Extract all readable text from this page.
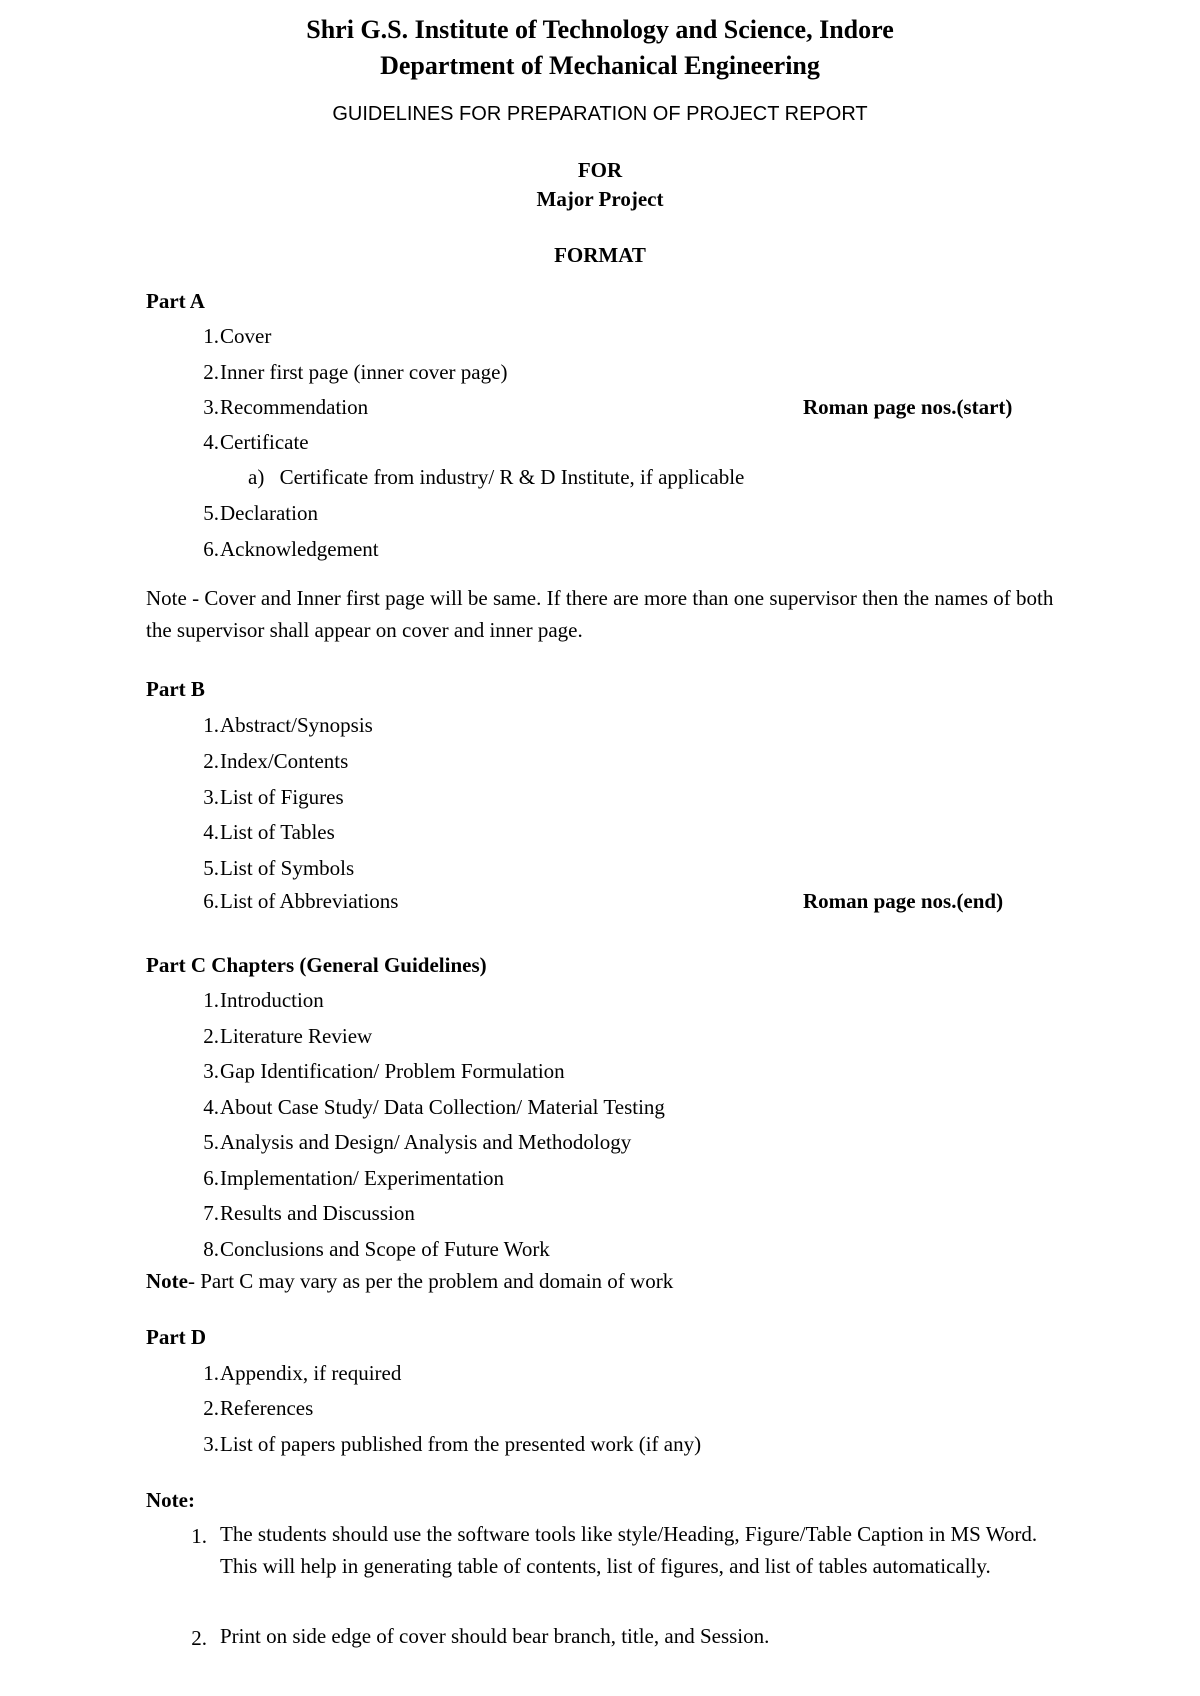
Shri G.S. Institute of Technology and Science, Indore
Department of Mechanical Engineering
GUIDELINES FOR PREPARATION OF PROJECT REPORT
FOR
Major Project
FORMAT
Part A
1. Cover
2. Inner first page (inner cover page)
3. Recommendation	Roman page nos.(start)
4. Certificate
a) Certificate from industry/ R & D Institute, if applicable
5. Declaration
6. Acknowledgement
Note - Cover and Inner first page will be same. If there are more than one supervisor then the names of both the supervisor shall appear on cover and inner page.
Part B
1. Abstract/Synopsis
2. Index/Contents
3. List of Figures
4. List of Tables
5. List of Symbols
6. List of Abbreviations	Roman page nos.(end)
Part C Chapters (General Guidelines)
1. Introduction
2. Literature Review
3. Gap Identification/ Problem Formulation
4. About Case Study/ Data Collection/ Material Testing
5. Analysis and Design/ Analysis and Methodology
6. Implementation/ Experimentation
7. Results and Discussion
8. Conclusions and Scope of Future Work
Note- Part C may vary as per the problem and domain of work
Part D
1. Appendix, if required
2. References
3. List of papers published from the presented work (if any)
Note:
1. The students should use the software tools like style/Heading, Figure/Table Caption in MS Word. This will help in generating table of contents, list of figures, and list of tables automatically.
2. Print on side edge of cover should bear branch, title, and Session.
